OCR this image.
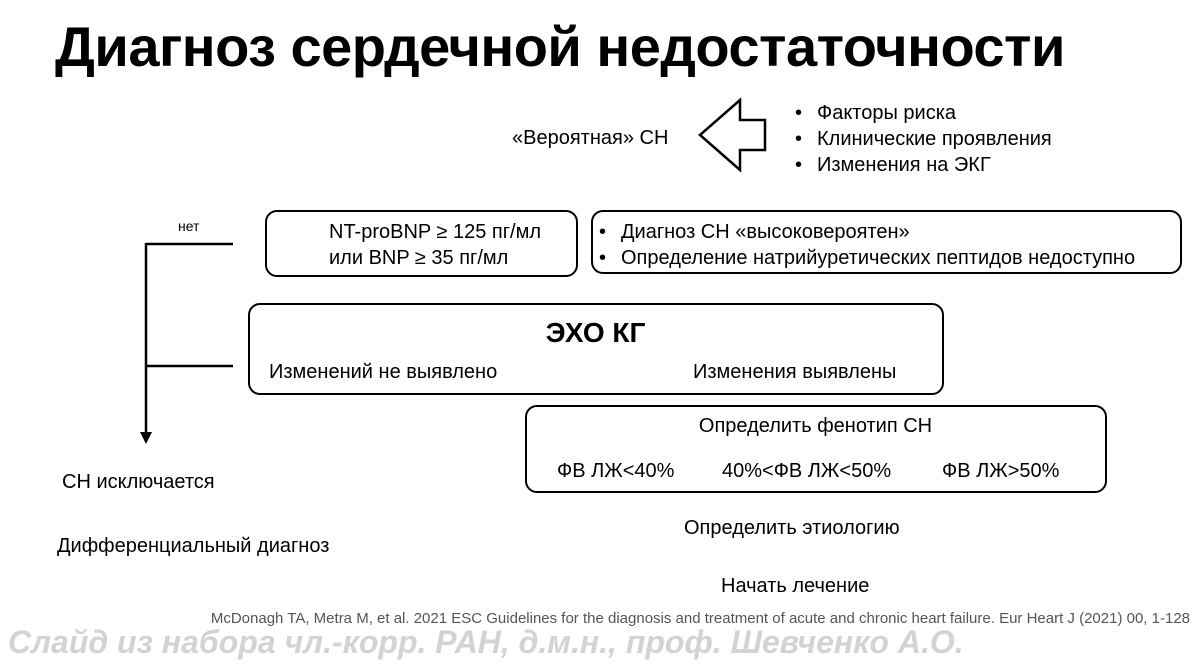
Диагноз сердечной недостаточности
«Вероятная» СН
• Факторы риска
• Клинические проявления
• Изменения на ЭКГ
нет	NT-proBNP ≥ 125 пг/мл
или BNP ≥ 35 пг/мл
• Диагноз СН «высоковероятен»
• Определение натрийуретических пептидов недоступно
ЭХО КГ
Изменений не выявлено	Изменения выявлены
Определить фенотип СН
ФВ ЛЖ<40% 40%<ФВ ЛЖ<50%	ФВ ЛЖ>50%
СН исключается
Дифференциальный диагноз
Определить этиологию
Начать лечение
McDonagh TA, Metra M, et al. 2021 ESC Guidelines for the diagnosis and treatment of acute and chronic heart failure. Eur Heart J (2021) 00, 1-128
Слайд из набора чл.-корр. РАН, д.м.н., проф. Шевченко А.О.
